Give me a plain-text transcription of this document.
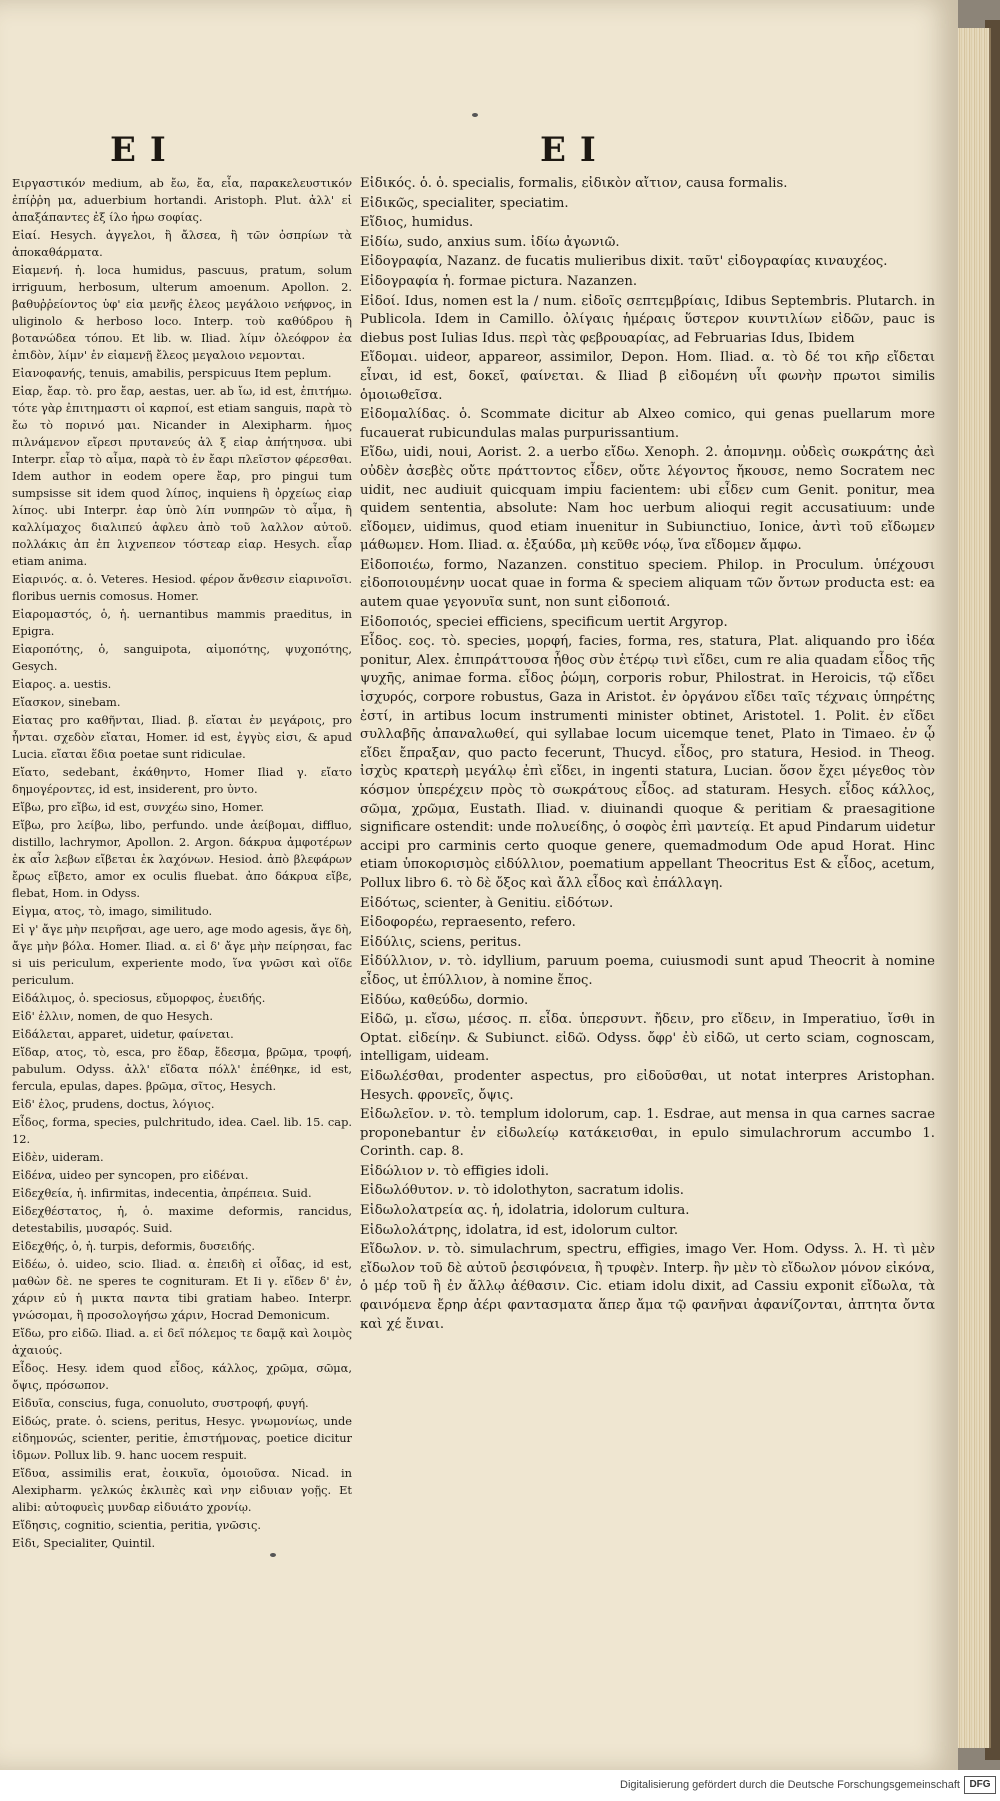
EI	EI

Eιργαστικόν medium, ab ἔω, ἔα, εἶα, παρακελευστικόν ἐπίῤῥη μα, aduerbium hortandi. Aristoph. Plut. ἀλλ' εἰ ἀπαξάπαντες ἐξ ίλο ἡρω σοφίας.

Εἰαί. Hesych. ἀγγελοι, ἢ ἄλσεα, ἢ τῶν ὀσπρίων τὰ ἀποκαθάρματα.

Εἰαμενή. ἡ. loca humidus, pascuus, pratum, solum irriguum, herbosum, ulterum amoenum. Apollon. 2. βαθυῤῥείοντος ὑφ' εἰα μενῆς ἑλεος μεγάλοιο νεήφνος, in uliginolo & herboso loco. Interp. τοὺ καθύδρου ἢ βοτανώδεα τόπου. Et lib. w. Iliad. λίμν ὀλεόφρον ἐα ἐπιδὸν, λίμν' ἐν εἰαμενῇ ἔλεος μεγαλοιο νεμονται.

Εἰανοφανής, tenuis, amabilis, perspicuus Item peplum.

Εἰαρ, ἔαρ. τὸ. pro ἔαρ, aestas, uer. ab ἴω, id est, ἐπιτήμω. τότε γὰρ ἐπιτημαστι οἱ καρποί, est etiam sanguis, παρὰ τὸ ἔω τὸ πορινό μαι. Nicander in Alexipharm. ἡμος πιλνάμενον εἴρεσι πρυτανεύς ἀλ ξ εἰαρ ἀπήτηυσα. ubi Interpr. εἶαρ τὸ αἷμα, παρὰ τὸ ἐν ἔαρι πλεῖστον φέρεσθαι. Idem author in eodem opere ἔαρ, pro pingui tum sumpsisse sit idem quod λίπος, inquiens ἢ ὀρχείως εἰαρ λίπος. ubi Interpr. ἐαρ ὑπὸ λίπ νυπηρῶν τὸ αἷμα, ἢ καλλίμαχος διαλιπεύ ἁφλευ ἀπὸ τοῦ λαλλον αὐτοῦ. πολλάκις ἀπ ἐπ λιχνεπεον τόστεαρ εἰαρ. Hesych. εἶαρ etiam anima.

Εἰαρινός. α. ὁ. Veteres. Hesiod. φέρον ἄνθεσιν εἰαρινοῖσι. floribus uernis comosus. Homer.

Εἰαρομαστός, ὁ, ἡ. uernantibus mammis praeditus, in Epigra.

Εἰαροπότης, ὁ, sanguipota, αἱμοπότης, ψυχοπότης, Gesych.

Εἰαρος. a. uestis.

Εἴασκον, sinebam.

Εἰατας pro καθῆνται, Iliad. β. εἴαται ἐν μεγάροις, pro ἧνται. σχεδὸν εἴαται, Homer. id est, ἐγγὺς εἰσι, & apud Lucia. εἴαται ἕδια poetae sunt ridiculae.

Εἴατο, sedebant, ἐκάθηντο, Homer Iliad γ. εἴατο δημογέροντες, id est, insiderent, pro ὑντο.

Εἴβω, pro εἴβω, id est, συνχέω sino, Homer.

Εἴβω, pro λείβω, libo, perfundo. unde ἀείβομαι, diffluo, distillo, lachrymor, Apollon. 2. Argon. δάκρυα ἀμφοτέρων ἐκ αἶσ λεβων εἴβεται ἐκ λαχόνων. Hesiod. ἀπὸ βλεφάρων ἔρως εἴβετο, amor ex oculis fluebat. ἀπο δάκρυα εἴβε, flebat, Hom. in Odyss.

Εἰγμα, ατος, τὸ, imago, similitudo.

Εἰ γ' ἄγε μὴν πειρῆσαι, age uero, age modo agesis, ἄγε δὴ, ἄγε μὴν βόλα. Homer. Iliad. α. εἰ δ' ἄγε μὴν πείρησαι, fac si uis periculum, experiente modo, ἵνα γνῶσι καὶ οἵδε periculum.

Εἰδάλιμος, ὁ. speciosus, εὔμορφος, ἐυειδής.

Εἰδ' ἐλλιν, nomen, de quo Hesych.

Εἰδάλεται, apparet, uidetur, φαίνεται.

Εἴδαρ, ατος, τὸ, esca, pro ἔδαρ, ἔδεσμα, βρῶμα, τροφή, pabulum. Odyss. ἀλλ' εἴδατα πόλλ' ἐπέθηκε, id est, fercula, epulas, dapes. βρῶμα, σῖτος, Hesych.

Εἰδ' ἐλος, prudens, doctus, λόγιος.

Εἶδος, forma, species, pulchritudo, idea. Cael. lib. 15. cap. 12.

Εἰδὲν, uideram.

Εἰδένα, uideo per syncopen, pro εἰδέναι.

Εἰδεχθεία, ἡ. infirmitas, indecentia, ἀπρέπεια. Suid.

Εἰδεχθέστατος, ἡ, ὁ. maxime deformis, rancidus, detestabilis, μυσαρός. Suid.

Εἰδεχθής, ὁ, ἡ. turpis, deformis, δυσειδής.

Εἰδέω, ὁ. uideo, scio. Iliad. α. ἐπειδὴ εἰ οἶδας, id est, μαθὼν δὲ. ne speres te cognituram. Et Ii γ. εἴδεν δ' ἐν, χάριν εὐ ἡ μικτα παντα tibi gratiam habeo. Interpr. γνώσομαι, ἢ προσολογήσω χάριν, Hocrad Demonicum.

Εἴδω, pro εἰδῶ. Iliad. a. εἰ δεῖ πόλεμος τε δαμᾷ καὶ λοιμὸς ἀχαιούς.

Εἶδος. Hesy. idem quod εἶδος, κάλλος, χρῶμα, σῶμα, ὄψις, πρόσωπον.

Εἰδυῖα, conscius, fuga, conuoluto, συστροφή, φυγή.

Εἰδώς, prate. ὁ. sciens, peritus, Hesyc. γνωμονίως, unde εἰδημονώς, scienter, peritie, ἐπιστήμονας, poetice dicitur ἰδμων. Pollux lib. 9. hanc uocem respuit.

Εἴδυα, assimilis erat, ἐοικυῖα, ὁμοιοῦσα. Nicad. in Alexipharm. γελκώς ἐκλιπὲς καὶ νην εἰδυιαν γοῇς. Et alibi: αὐτοφυεὶς μυνδαρ εἰδυιάτο χρονίῳ.

Εἴδησις, cognitio, scientia, peritia, γνῶσις.

Εἰδι, Specialiter, Quintil.

Εἰδικός. ὁ. ὁ. specialis, formalis, εἰδικὸν αἴτιον, causa formalis.

Εἰδικῶς, specialiter, speciatim.

Εἴδιος, humidus.

Εἰδίω, sudo, anxius sum. ἰδίω ἀγωνιῶ.

Εἰδογραφία, Nazanz. de fucatis mulieribus dixit. ταῦτ' εἰδογραφίας κιναυχέος.

Εἰδογραφία ἡ. formae pictura. Nazanzen.

Εἰδοί. Idus, nomen est la / num. εἰδοῖς σεπτεμβρίαις, Idibus Septembris. Plutarch. in Publicola. Idem in Camillo. ὀλίγαις ἡμέραις ὕστερον κυιντιλίων εἰδῶν, pauc is diebus post Iulias Idus. περὶ τὰς φεβρουαρίας, ad Februarias Idus, Ibidem

Εἴδομαι. uideor, appareor, assimilor, Depon. Hom. Iliad. α. τὸ δέ τοι κῆρ εἴδεται εἶναι, id est, δοκεῖ, φαίνεται. & Iliad β εἰδομένη υἷι φωνὴν πρωτοι similis ὁμοιωθεῖσα.

Εἰδομαλίδας. ὁ. Scommate dicitur ab Alxeo comico, qui genas puellarum more fucauerat rubicundulas malas purpurissantium.

Εἴδω, uidi, noui, Aorist. 2. a uerbo εἴδω. Xenoph. 2. ἀπομνημ. οὐδεὶς σωκράτης ἀεὶ οὐδὲν ἀσεβὲς οὔτε πράττοντος εἶδεν, οὔτε λέγοντος ἤκουσε, nemo Socratem nec uidit, nec audiuit quicquam impiu facientem: ubi εἶδεν cum Genit. ponitur, mea quidem sententia, absolute: Nam hoc uerbum alioqui regit accusatiuum: unde εἴδομεν, uidimus, quod etiam inuenitur in Subiunctiuo, Ionice, ἀντὶ τοῦ εἴδωμεν μάθωμεν. Hom. Iliad. α. ἐξαύδα, μὴ κεῦθε νόῳ, ἵνα εἴδομεν ἄμφω.

Εἰδοποιέω, formo, Nazanzen. constituo speciem. Philop. in Proculum. ὑπέχουσι εἰδοποιουμένην uocat quae in forma & speciem aliquam τῶν ὄντων producta est: ea autem quae γεγονυῖα sunt, non sunt εἰδοποιά.

Εἰδοποιός, speciei efficiens, specificum uertit Argyrop.

Εἶδος. εος. τὸ. species, μορφή, facies, forma, res, statura, Plat. aliquando pro ἰδέα ponitur, Alex. ἐπιπράττουσα ἦθος σὺν ἑτέρῳ τινὶ εἴδει, cum re alia quadam εἶδος τῆς ψυχῆς, animae forma. εἶδος ῥώμη, corporis robur, Philostrat. in Heroicis, τῷ εἴδει ἰσχυρός, corpore robustus, Gaza in Aristot. ἐν ὀργάνου εἴδει ταῖς τέχναις ὑπηρέτης ἐστί, in artibus locum instrumenti minister obtinet, Aristotel. 1. Polit. ἐν εἴδει συλλαβῆς ἀπαναλωθεί, qui syllabae locum uicemque tenet, Plato in Timaeo. ἐν ᾧ εἴδει ἔπραξαν, quo pacto fecerunt, Thucyd. εἶδος, pro statura, Hesiod. in Theog. ἰσχὺς κρατερὴ μεγάλῳ ἐπὶ εἴδει, in ingenti statura, Lucian. ὅσον ἔχει μέγεθος τὸν κόσμον ὑπερέχειν πρὸς τὸ σωκράτους εἶδος. ad staturam. Hesych. εἶδος κάλλος, σῶμα, χρῶμα, Eustath. Iliad. v. diuinandi quoque & peritiam & praesagitione significare ostendit: unde πολυείδης, ὁ σοφὸς ἐπὶ μαντείᾳ. Et apud Pindarum uidetur accipi pro carminis certo quoque genere, quemadmodum Ode apud Horat. Hinc etiam ὑποκορισμὸς εἰδύλλιον, poematium appellant Theocritus Est & εἶδος, acetum, Pollux libro 6. τὸ δὲ ὄξος καὶ ἄλλ εἶδος καὶ ἐπάλλαγη.

Εἰδότως, scienter, à Genitiu. εἰδότων.

Εἰδοφορέω, repraesento, refero.

Εἰδύλις, sciens, peritus.

Εἰδύλλιον, ν. τὸ. idyllium, paruum poema, cuiusmodi sunt apud Theocrit à nomine εἶδος, ut ἐπύλλιον, à nomine ἔπος.

Εἰδύω, καθεύδω, dormio.

Εἰδῶ, μ. εἴσω, μέσος. π. εἶδα. ὑπερσυντ. ἤδειν, pro εἴδειν, in Imperatiuo, ἴσθι in Optat. εἰδείην. & Subiunct. εἰδῶ. Odyss. ὄφρ' ἐὺ εἰδῶ, ut certo sciam, cognoscam, intelligam, uideam.

Εἰδωλέσθαι, prodenter aspectus, pro εἰδοῦσθαι, ut notat interpres Aristophan. Hesych. φρονεῖς, ὄψις.

Εἰδωλεῖον. ν. τὸ. templum idolorum, cap. 1. Esdrae, aut mensa in qua carnes sacrae proponebantur ἐν εἰδωλείῳ κατάκεισθαι, in epulo simulachrorum accumbo 1. Corinth. cap. 8.

Εἰδώλιον ν. τὸ effigies idoli.

Εἰδωλόθυτον. ν. τὸ idolothyton, sacratum idolis.

Εἰδωλολατρεία ας. ἡ, idolatria, idolorum cultura.

Εἰδωλολάτρης, idolatra, id est, idolorum cultor.

Εἴδωλον. ν. τὸ. simulachrum, spectru, effigies, imago Ver. Hom. Odyss. λ. Η. τὶ μὲν εἴδωλον τοῦ δὲ αὐτοῦ ῥεσιφόνεια, ἢ τρυφὲν. Interp. ἢν μὲν τὸ εἴδωλον μόνον εἰκόνα, ὁ μέρ τοῦ ἢ ἐν ἄλλῳ ἀέθασιν. Cic. etiam idolu dixit, ad Cassiu exponit εἴδωλα, τὰ φαινόμενα ἔρηρ ἀέρι φαντασματα ἅπερ ἄμα τῷ φανῆναι ἀφανίζονται, ἀπτητα ὄντα καὶ χέ ἔιναι.

Digitalisierung gefördert durch die Deutsche Forschungsgemeinschaft DFG
